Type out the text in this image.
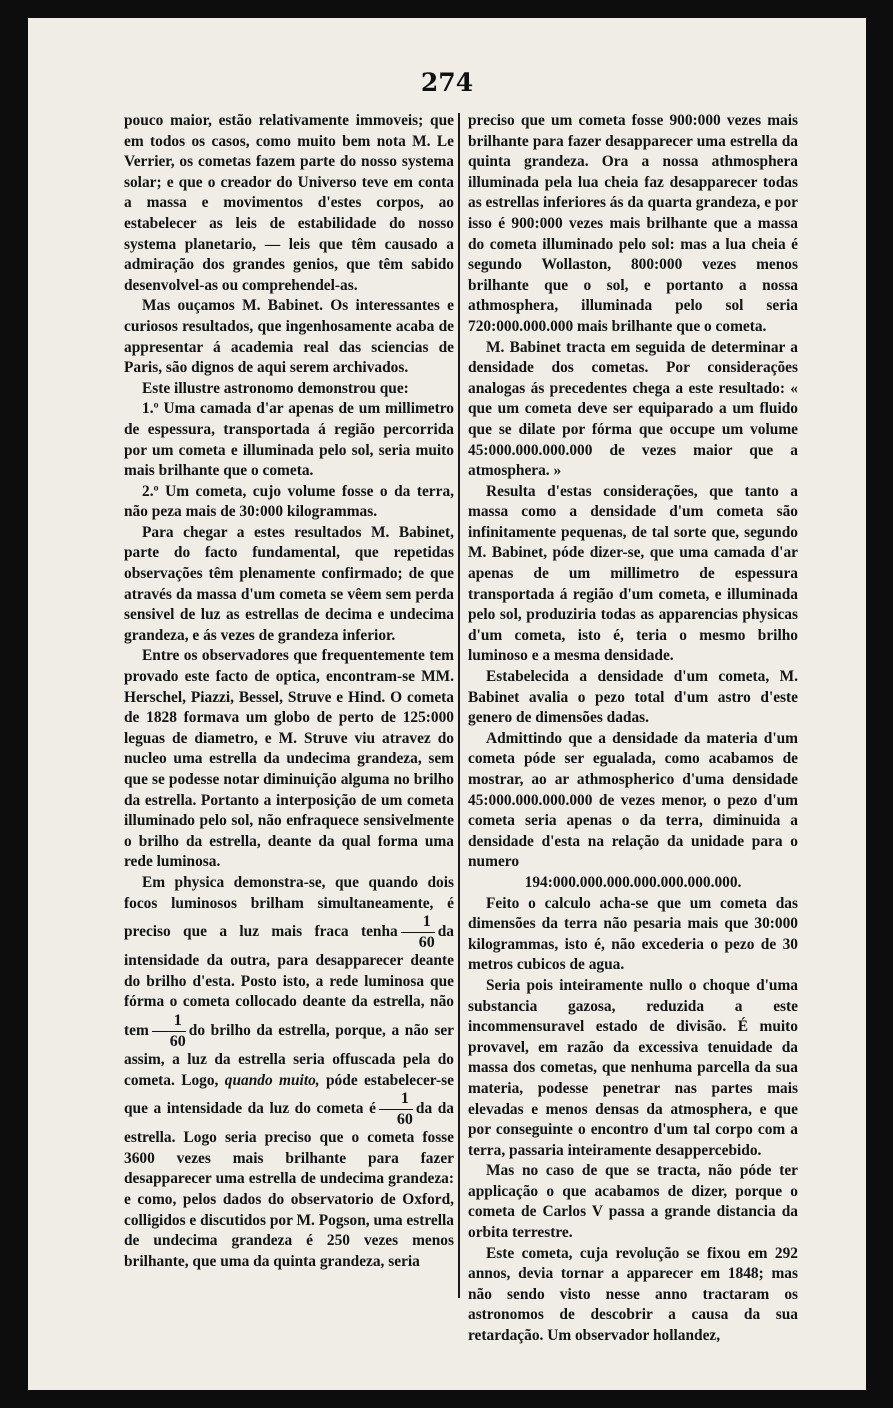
274

pouco maior, estão relativamente immoveis; que em todos os casos, como muito bem nota M. Le Verrier, os cometas fazem parte do nosso systema solar; e que o creador do Universo teve em conta a massa e movimentos d'estes corpos, ao estabelecer as leis de estabilidade do nosso systema planetario, — leis que têm causado a admiração dos grandes genios, que têm sabido desenvolvel-as ou comprehendel-as.

Mas ouçamos M. Babinet. Os interessantes e curiosos resultados, que ingenhosamente acaba de appresentar á academia real das sciencias de Paris, são dignos de aqui serem archivados.

Este illustre astronomo demonstrou que:

1.º Uma camada d'ar apenas de um millimetro de espessura, transportada á região percorrida por um cometa e illuminada pelo sol, seria muito mais brilhante que o cometa.

2.º Um cometa, cujo volume fosse o da terra, não peza mais de 30:000 kilogrammas.

Para chegar a estes resultados M. Babinet, parte do facto fundamental, que repetidas observações têm plenamente confirmado; de que através da massa d'um cometa se vêem sem perda sensivel de luz as estrellas de decima e undecima grandeza, e ás vezes de grandeza inferior.

Entre os observadores que frequentemente tem provado este facto de optica, encontram-se MM. Herschel, Piazzi, Bessel, Struve e Hind. O cometa de 1828 formava um globo de perto de 125:000 leguas de diametro, e M. Struve viu atravez do nucleo uma estrella da undecima grandeza, sem que se podesse notar diminuição alguma no brilho da estrella. Portanto a interposição de um cometa illuminado pelo sol, não enfraquece sensivelmente o brilho da estrella, deante da qual forma uma rede luminosa.

Em physica demonstra-se, que quando dois focos luminosos brilham simultaneamente, é preciso que a luz mais fraca tenha $\frac{1}{60}$ da intensidade da outra, para desapparecer deante do brilho d'esta. Posto isto, a rede luminosa que fórma o cometa collocado deante da estrella, não tem $\frac{1}{60}$ do brilho da estrella, porque, a não ser assim, a luz da estrella seria offuscada pela do cometa. Logo, quando muito, póde estabelecer-se que a intensidade da luz do cometa é $\frac{1}{60}$ da da estrella. Logo seria preciso que o cometa fosse 3600 vezes mais brilhante para fazer desapparecer uma estrella de undecima grandeza: e como, pelos dados do observatorio de Oxford, colligidos e discutidos por M. Pogson, uma estrella de undecima grandeza é 250 vezes menos brilhante, que uma da quinta grandeza, seria

preciso que um cometa fosse 900:000 vezes mais brilhante para fazer desapparecer uma estrella da quinta grandeza. Ora a nossa athmosphera illuminada pela lua cheia faz desapparecer todas as estrellas inferiores ás da quarta grandeza, e por isso é 900:000 vezes mais brilhante que a massa do cometa illuminado pelo sol: mas a lua cheia é segundo Wollaston, 800:000 vezes menos brilhante que o sol, e portanto a nossa athmosphera, illuminada pelo sol seria 720:000.000.000 mais brilhante que o cometa.

M. Babinet tracta em seguida de determinar a densidade dos cometas. Por considerações analogas ás precedentes chega a este resultado: « que um cometa deve ser equiparado a um fluido que se dilate por fórma que occupe um volume 45:000.000.000.000 de vezes maior que a atmosphera. »

Resulta d'estas considerações, que tanto a massa como a densidade d'um cometa são infinitamente pequenas, de tal sorte que, segundo M. Babinet, póde dizer-se, que uma camada d'ar apenas de um millimetro de espessura transportada á região d'um cometa, e illuminada pelo sol, produziria todas as apparencias physicas d'um cometa, isto é, teria o mesmo brilho luminoso e a mesma densidade.

Estabelecida a densidade d'um cometa, M. Babinet avalia o pezo total d'um astro d'este genero de dimensões dadas.

Admittindo que a densidade da materia d'um cometa póde ser egualada, como acabamos de mostrar, ao ar athmospherico d'uma densidade 45:000.000.000.000 de vezes menor, o pezo d'um cometa seria apenas o da terra, diminuida a densidade d'esta na relação da unidade para o numero

194:000.000.000.000.000.000.000.

Feito o calculo acha-se que um cometa das dimensões da terra não pesaria mais que 30:000 kilogrammas, isto é, não excederia o pezo de 30 metros cubicos de agua.

Seria pois inteiramente nullo o choque d'uma substancia gazosa, reduzida a este incommensuravel estado de divisão. É muito provavel, em razão da excessiva tenuidade da massa dos cometas, que nenhuma parcella da sua materia, podesse penetrar nas partes mais elevadas e menos densas da atmosphera, e que por conseguinte o encontro d'um tal corpo com a terra, passaria inteiramente desappercebido.

Mas no caso de que se tracta, não póde ter applicação o que acabamos de dizer, porque o cometa de Carlos V passa a grande distancia da orbita terrestre.

Este cometa, cuja revolução se fixou em 292 annos, devia tornar a apparecer em 1848; mas não sendo visto nesse anno tractaram os astronomos de descobrir a causa da sua retardação. Um observador hollandez,
